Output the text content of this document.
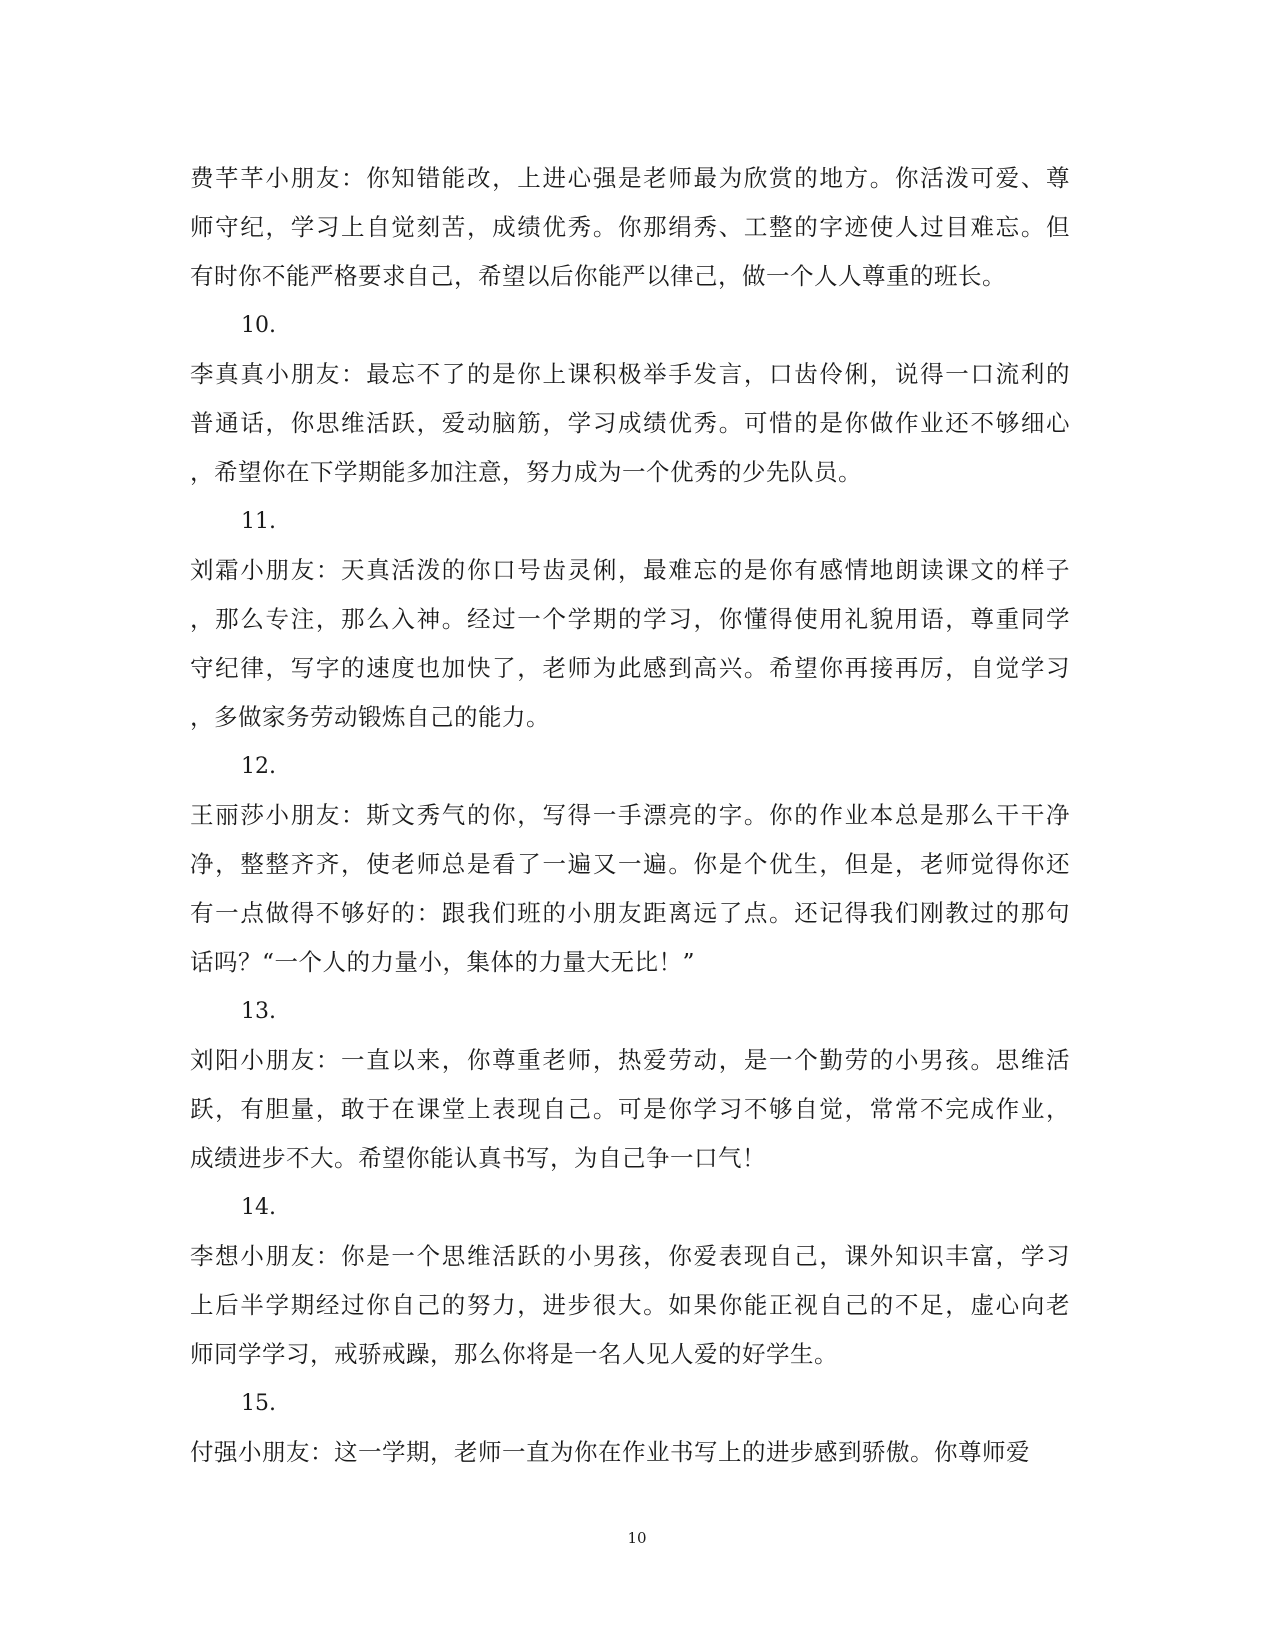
费芊芊小朋友：你知错能改，上进心强是老师最为欣赏的地方。你活泼可爱、尊
师守纪，学习上自觉刻苦，成绩优秀。你那绢秀、工整的字迹使人过目难忘。但
有时你不能严格要求自己，希望以后你能严以律己，做一个人人尊重的班长。
10.
李真真小朋友：最忘不了的是你上课积极举手发言，口齿伶俐，说得一口流利的
普通话，你思维活跃，爱动脑筋，学习成绩优秀。可惜的是你做作业还不够细心
，希望你在下学期能多加注意，努力成为一个优秀的少先队员。
11.
刘霜小朋友：天真活泼的你口号齿灵俐，最难忘的是你有感情地朗读课文的样子
，那么专注，那么入神。经过一个学期的学习，你懂得使用礼貌用语，尊重同学
守纪律，写字的速度也加快了，老师为此感到高兴。希望你再接再厉，自觉学习
，多做家务劳动锻炼自己的能力。
12.
王丽莎小朋友：斯文秀气的你，写得一手漂亮的字。你的作业本总是那么干干净
净，整整齐齐，使老师总是看了一遍又一遍。你是个优生，但是，老师觉得你还
有一点做得不够好的：跟我们班的小朋友距离远了点。还记得我们刚教过的那句
话吗？“一个人的力量小，集体的力量大无比！”
13.
刘阳小朋友：一直以来，你尊重老师，热爱劳动，是一个勤劳的小男孩。思维活
跃，有胆量，敢于在课堂上表现自己。可是你学习不够自觉，常常不完成作业，
成绩进步不大。希望你能认真书写，为自己争一口气！
14.
李想小朋友：你是一个思维活跃的小男孩，你爱表现自己，课外知识丰富，学习
上后半学期经过你自己的努力，进步很大。如果你能正视自己的不足，虚心向老
师同学学习，戒骄戒躁，那么你将是一名人见人爱的好学生。
15.
付强小朋友：这一学期，老师一直为你在作业书写上的进步感到骄傲。你尊师爱
10
